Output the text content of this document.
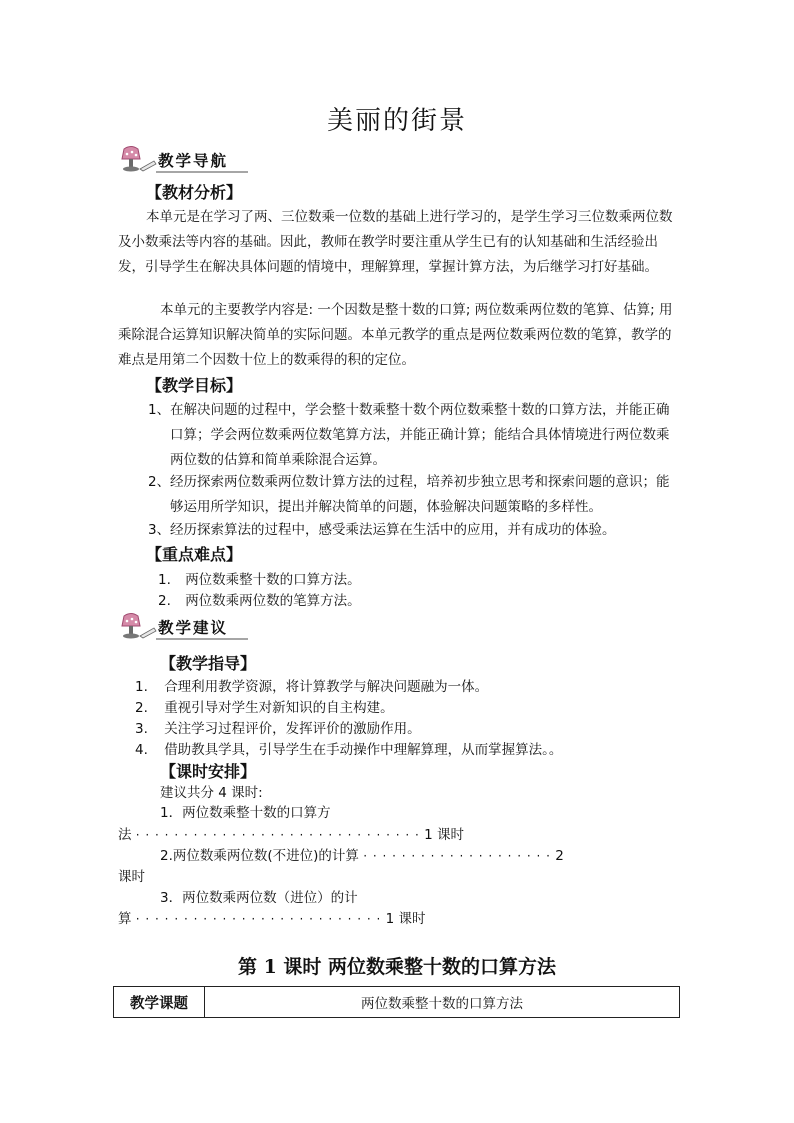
美丽的街景
教学导航
【教材分析】
本单元是在学习了两、三位数乘一位数的基础上进行学习的，是学生学习三位数乘两位数及小数乘法等内容的基础。因此，教师在教学时要注重从学生已有的认知基础和生活经验出发，引导学生在解决具体问题的情境中，理解算理，掌握计算方法，为后继学习打好基础。
本单元的主要教学内容是: 一个因数是整十数的口算; 两位数乘两位数的笔算、估算; 用乘除混合运算知识解决简单的实际问题。本单元教学的重点是两位数乘两位数的笔算，教学的难点是用第二个因数十位上的数乘得的积的定位。
【教学目标】
1、 在解决问题的过程中，学会整十数乘整十数个两位数乘整十数的口算方法，并能正确口算；学会两位数乘两位数笔算方法，并能正确计算；能结合具体情境进行两位数乘两位数的估算和简单乘除混合运算。
2、 经历探索两位数乘两位数计算方法的过程，培养初步独立思考和探索问题的意识；能够运用所学知识，提出并解决简单的问题，体验解决问题策略的多样性。
3、 经历探索算法的过程中，感受乘法运算在生活中的应用，并有成功的体验。
【重点难点】
1. 两位数乘整十数的口算方法。
2. 两位数乘两位数的笔算方法。
教学建议
【教学指导】
1. 合理利用教学资源，将计算教学与解决问题融为一体。
2. 重视引导对学生对新知识的自主构建。
3. 关注学习过程评价，发挥评价的激励作用。
4. 借助教具学具，引导学生在手动操作中理解算理，从而掌握算法。。
【课时安排】
建议共分 4 课时:
1．两位数乘整十数的口算方
法 · · · · · · · · · · · · · · · · · · · · · · · · · · · · · · 1 课时
2.两位数乘两位数(不进位)的计算 · · · · · · · · · · · · · · · · · · · · 2
课时
3．两位数乘两位数（进位）的计
算 · · · · · · · · · · · · · · · · · · · · · · · · · · 1 课时
第 1 课时 两位数乘整十数的口算方法
教学课题	两位数乘整十数的口算方法
